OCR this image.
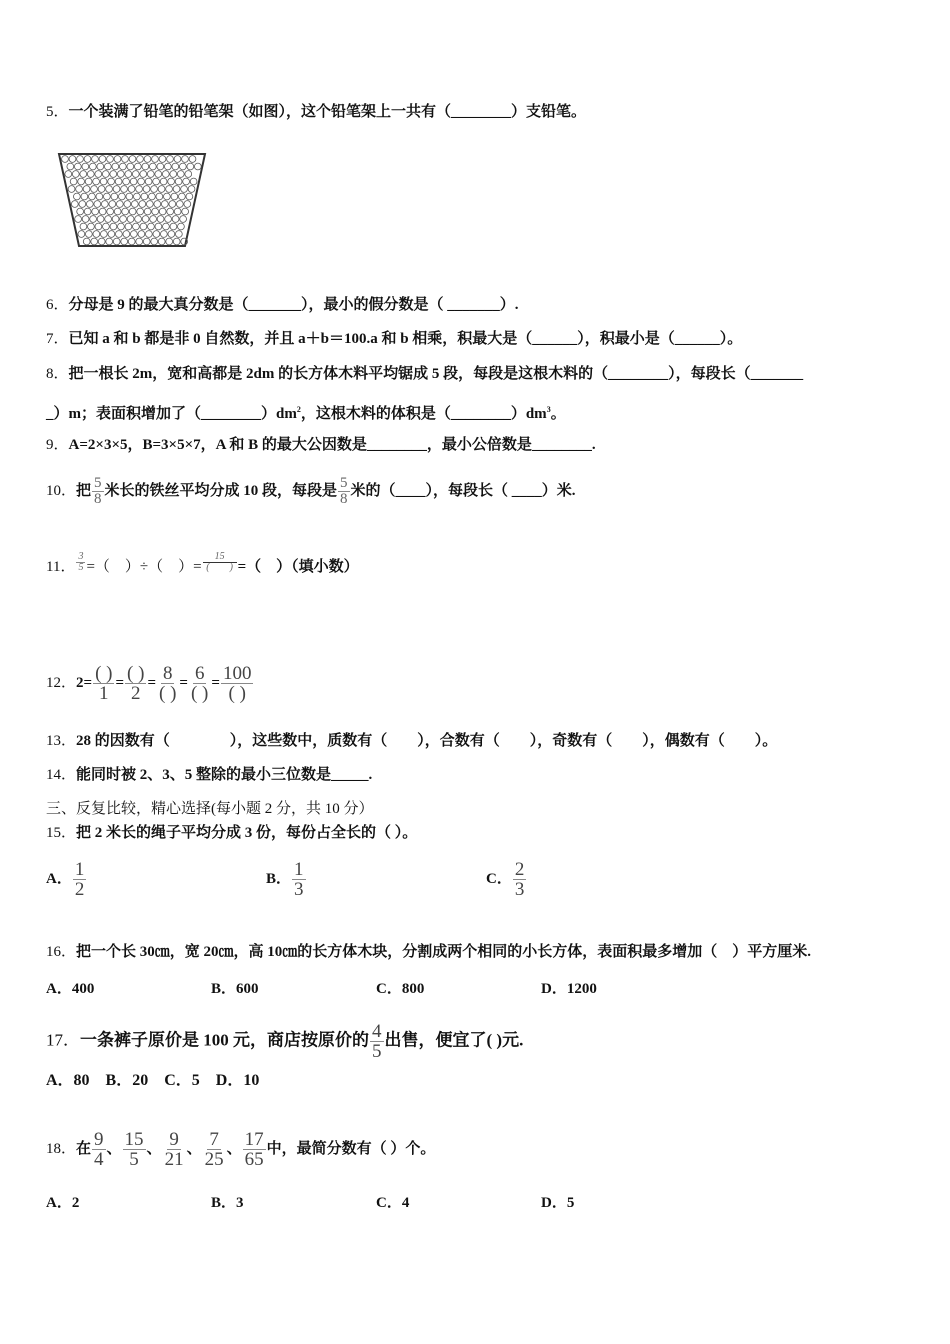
5．一个装满了铅笔的铅笔架（如图），这个铅笔架上一共有（________）支铅笔。
6．分母是 9 的最大真分数是（_______），最小的假分数是（ _______）.
7．已知 a 和 b 都是非 0 自然数，并且 a＋b＝100.a 和 b 相乘，积最大是（______），积最小是（______）。
8．把一根长 2m，宽和高都是 2dm 的长方体木料平均锯成 5 段，每段是这根木料的（________），每段长（_______
_）m；表面积增加了$(\_\_\_\_\_\_\_\_)dm^2$，这根木料的体积是$(\_\_\_\_\_\_\_\_)dm^3$。
9．A=2×3×5，B=3×5×7，A 和 B 的最大公因数是________，最小公倍数是________.
10．把 $\frac{5}{8}$ 米长的铁丝平均分成 10 段，每段是 $\frac{5}{8}$ 米的（____），每段长（ ____）米.
11． $\frac{3}{5}$ =（　）÷（　）= $\frac{15}{( )}$ =（　）（填小数）
12．$2= \frac{( )}{1} = \frac{( )}{2} = \frac{8}{( )} = \frac{6}{( )} = \frac{100}{( )}$
13．28 的因数有（　　　　），这些数中，质数有（　　），合数有（　　），奇数有（　　），偶数有（　　）。
14．能同时被 2、3、5 整除的最小三位数是_____.
三、反复比较，精心选择(每小题 2 分，共 10 分）
15．把 2 米长的绳子平均分成 3 份，每份占全长的（ ）。
A． $\frac{1}{2}$	B． $\frac{1}{3}$	C． $\frac{2}{3}$
16．把一个长 30㎝，宽 20㎝，高 10㎝的长方体木块，分割成两个相同的小长方体，表面积最多增加（　）平方厘米.
A．400	B．600	C．800	D．1200
17．一条裤子原价是 100 元，商店按原价的 $\frac{4}{5}$ 出售，便宜了( )元.
A．80　B．20　C．5　D．10
18．在 $\frac{9}{4}$ 、 $\frac{15}{5}$ 、 $\frac{9}{21}$ 、 $\frac{7}{25}$ 、 $\frac{17}{65}$ 中，最简分数有（ ）个。
A．2	B．3	C．4	D．5
